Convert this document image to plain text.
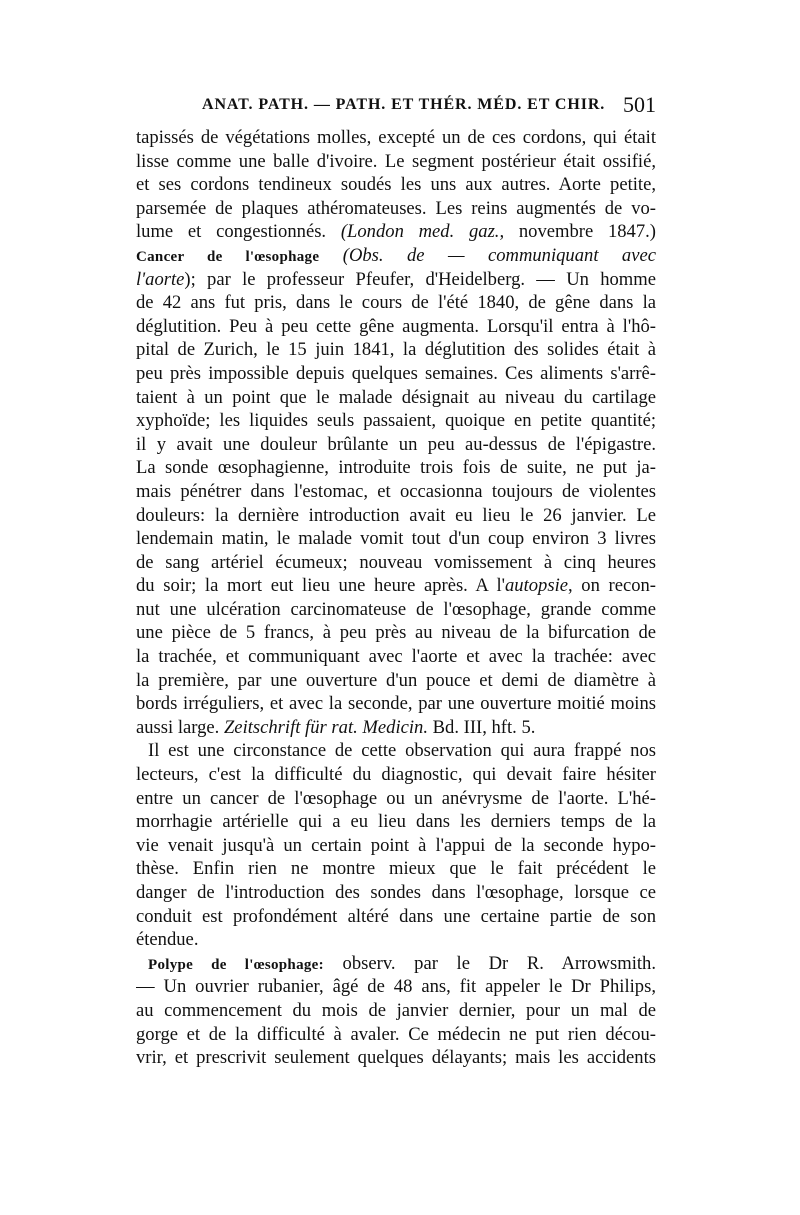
ANAT. PATH. — PATH. ET THÉR. MÉD. ET CHIR. 501
tapissés de végétations molles, excepté un de ces cordons, qui était
lisse comme une balle d'ivoire. Le segment postérieur était ossifié,
et ses cordons tendineux soudés les uns aux autres. Aorte petite,
parsemée de plaques athéromateuses. Les reins augmentés de vo-
lume et congestionnés. (London med. gaz., novembre 1847.)
Cancer de l'œsophage (Obs. de — communiquant avec
l'aorte); par le professeur Pfeufer, d'Heidelberg. — Un homme
de 42 ans fut pris, dans le cours de l'été 1840, de gêne dans la
déglutition. Peu à peu cette gêne augmenta. Lorsqu'il entra à l'hô-
pital de Zurich, le 15 juin 1841, la déglutition des solides était à
peu près impossible depuis quelques semaines. Ces aliments s'arrê-
taient à un point que le malade désignait au niveau du cartilage
xyphoïde; les liquides seuls passaient, quoique en petite quantité;
il y avait une douleur brûlante un peu au-dessus de l'épigastre.
La sonde œsophagienne, introduite trois fois de suite, ne put ja-
mais pénétrer dans l'estomac, et occasionna toujours de violentes
douleurs: la dernière introduction avait eu lieu le 26 janvier. Le
lendemain matin, le malade vomit tout d'un coup environ 3 livres
de sang artériel écumeux; nouveau vomissement à cinq heures
du soir; la mort eut lieu une heure après. A l'autopsie, on recon-
nut une ulcération carcinomateuse de l'œsophage, grande comme
une pièce de 5 francs, à peu près au niveau de la bifurcation de
la trachée, et communiquant avec l'aorte et avec la trachée: avec
la première, par une ouverture d'un pouce et demi de diamètre à
bords irréguliers, et avec la seconde, par une ouverture moitié moins
aussi large. Zeitschrift für rat. Medicin. Bd. III, hft. 5.
Il est une circonstance de cette observation qui aura frappé nos
lecteurs, c'est la difficulté du diagnostic, qui devait faire hésiter
entre un cancer de l'œsophage ou un anévrysme de l'aorte. L'hé-
morrhagie artérielle qui a eu lieu dans les derniers temps de la
vie venait jusqu'à un certain point à l'appui de la seconde hypo-
thèse. Enfin rien ne montre mieux que le fait précédent le
danger de l'introduction des sondes dans l'œsophage, lorsque ce
conduit est profondément altéré dans une certaine partie de son
étendue.
Polype de l'œsophage: observ. par le Dr R. Arrowsmith.
— Un ouvrier rubanier, âgé de 48 ans, fit appeler le Dr Philips,
au commencement du mois de janvier dernier, pour un mal de
gorge et de la difficulté à avaler. Ce médecin ne put rien décou-
vrir, et prescrivit seulement quelques délayants; mais les accidents
